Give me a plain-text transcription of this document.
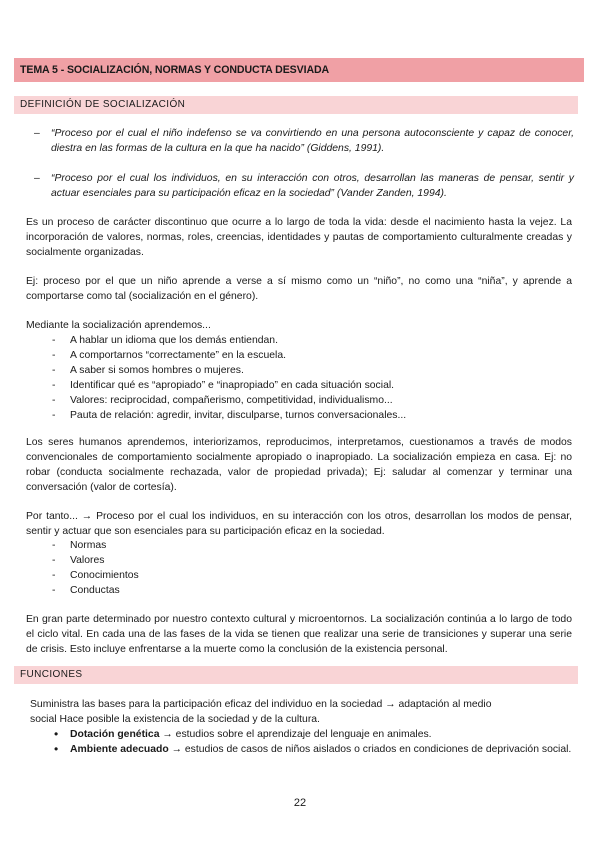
TEMA 5 - SOCIALIZACIÓN, NORMAS Y CONDUCTA DESVIADA
DEFINICIÓN DE SOCIALIZACIÓN
– “Proceso por el cual el niño indefenso se va convirtiendo en una persona autoconsciente y capaz de conocer, diestra en las formas de la cultura en la que ha nacido” (Giddens, 1991).
– “Proceso por el cual los individuos, en su interacción con otros, desarrollan las maneras de pensar, sentir y actuar esenciales para su participación eficaz en la sociedad” (Vander Zanden, 1994).
Es un proceso de carácter discontinuo que ocurre a lo largo de toda la vida: desde el nacimiento hasta la vejez. La incorporación de valores, normas, roles, creencias, identidades y pautas de comportamiento culturalmente creadas y socialmente organizadas.
Ej: proceso por el que un niño aprende a verse a sí mismo como un “niño”, no como una “niña”, y aprende a comportarse como tal (socialización en el género).
Mediante la socialización aprendemos...
- A hablar un idioma que los demás entiendan.
- A comportarnos “correctamente” en la escuela.
- A saber si somos hombres o mujeres.
- Identificar qué es “apropiado” e “inapropiado” en cada situación social.
- Valores: reciprocidad, compañerismo, competitividad, individualismo...
- Pauta de relación: agredir, invitar, disculparse, turnos conversacionales...
Los seres humanos aprendemos, interiorizamos, reproducimos, interpretamos, cuestionamos a través de modos convencionales de comportamiento socialmente apropiado o inapropiado. La socialización empieza en casa. Ej: no robar (conducta socialmente rechazada, valor de propiedad privada); Ej: saludar al comenzar y terminar una conversación (valor de cortesía).
Por tanto... → Proceso por el cual los individuos, en su interacción con los otros, desarrollan los modos de pensar, sentir y actuar que son esenciales para su participación eficaz en la sociedad.
- Normas
- Valores
- Conocimientos
- Conductas
En gran parte determinado por nuestro contexto cultural y microentornos. La socialización continúa a lo largo de todo el ciclo vital. En cada una de las fases de la vida se tienen que realizar una serie de transiciones y superar una serie de crisis. Esto incluye enfrentarse a la muerte como la conclusión de la existencia personal.
FUNCIONES
Suministra las bases para la participación eficaz del individuo en la sociedad → adaptación al medio
social Hace posible la existencia de la sociedad y de la cultura.
• Dotación genética → estudios sobre el aprendizaje del lenguaje en animales.
• Ambiente adecuado → estudios de casos de niños aislados o criados en condiciones de deprivación social.
22
